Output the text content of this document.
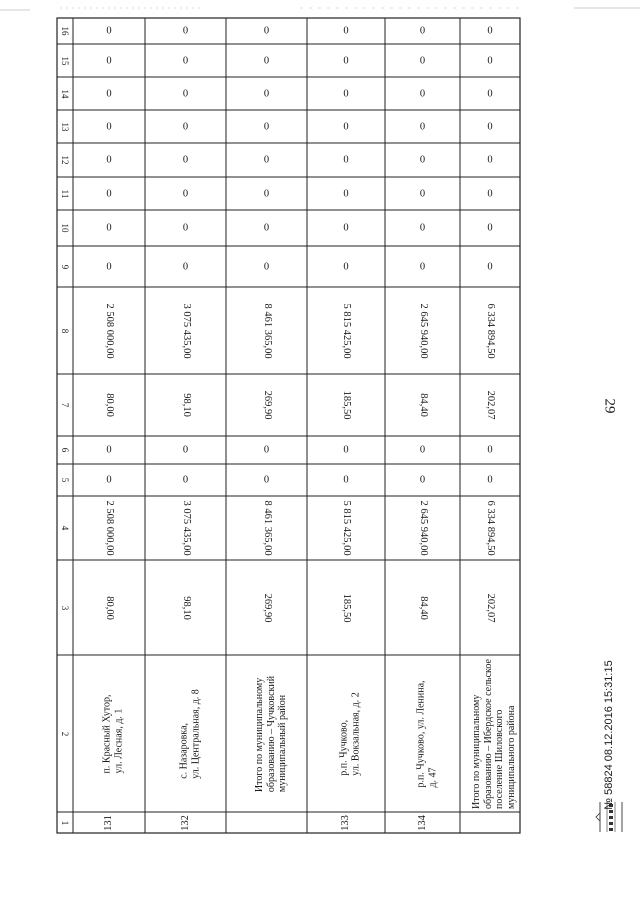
29
1
2
3
4
5
6
7
8
9
10
11
12
13
14
15
16
131
п. Красный Хутор, ул. Лесная, д. 1
80,00
2 508 000,00
0
0
80,00
2 508 000,00
0
0
0
0
0
0
0
0
132
с. Назаровка, ул. Центральная, д. 8
98,10
3 075 435,00
0
0
98,10
3 075 435,00
0
0
0
0
0
0
0
0
Итого по муниципальному образованию – Чучковский муниципальный район
269,90
8 461 365,00
0
0
269,90
8 461 365,00
0
0
0
0
0
0
0
0
133
р.п. Чучково, ул. Вокзальная, д. 2
185,50
5 815 425,00
0
0
185,50
5 815 425,00
0
0
0
0
0
0
0
0
134
р.п. Чучково, ул. Ленина, д. 47
84,40
2 645 940,00
0
0
84,40
2 645 940,00
0
0
0
0
0
0
0
0
Итого по муниципальному образованию – Ибердское сельское поселение Шиловского муниципального района
202,07
6 334 894,50
0
0
202,07
6 334 894,50
0
0
0
0
0
0
0
0
№ 58824 08.12.2016 15:31:15
